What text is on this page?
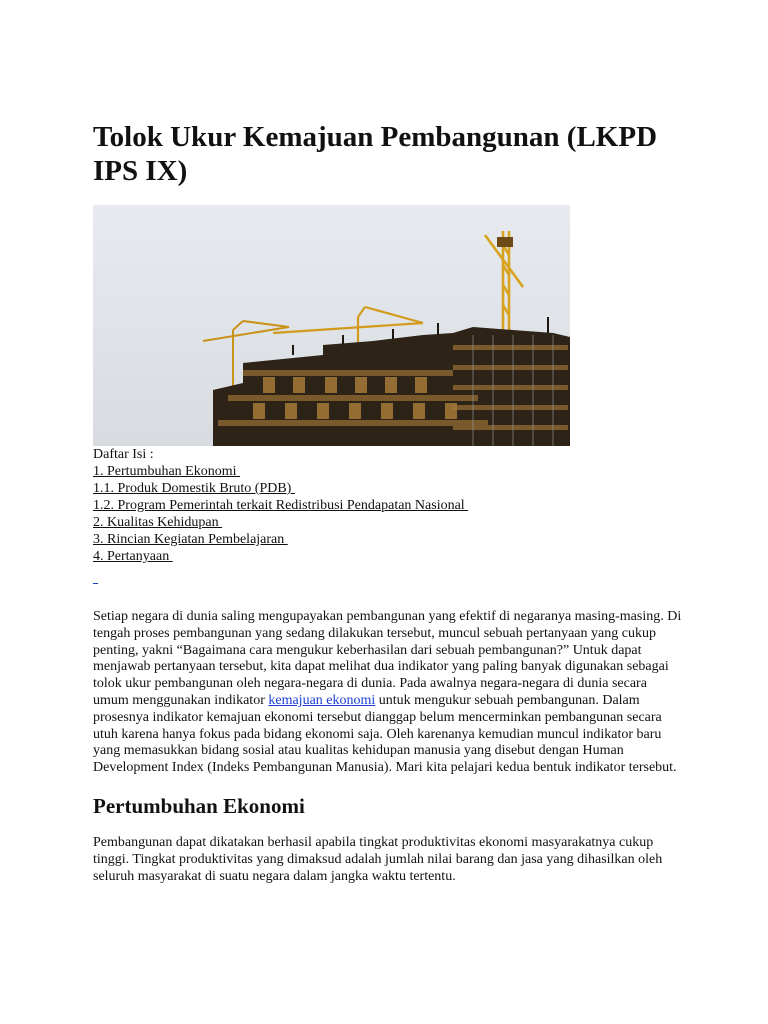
Tolok Ukur Kemajuan Pembangunan (LKPD IPS IX)
Daftar Isi :
1. Pertumbuhan Ekonomi
1.1. Produk Domestik Bruto (PDB)
1.2. Program Pemerintah terkait Redistribusi Pendapatan Nasional
2. Kualitas Kehidupan
3. Rincian Kegiatan Pembelajaran
4. Pertanyaan

Setiap negara di dunia saling mengupayakan pembangunan yang efektif di negaranya masing-masing. Di tengah proses pembangunan yang sedang dilakukan tersebut, muncul sebuah pertanyaan yang cukup penting, yakni “Bagaimana cara mengukur keberhasilan dari sebuah pembangunan?” Untuk dapat menjawab pertanyaan tersebut, kita dapat melihat dua indikator yang paling banyak digunakan sebagai tolok ukur pembangunan oleh negara-negara di dunia. Pada awalnya negara-negara di dunia secara umum menggunakan indikator kemajuan ekonomi untuk mengukur sebuah pembangunan. Dalam prosesnya indikator kemajuan ekonomi tersebut dianggap belum mencerminkan pembangunan secara utuh karena hanya fokus pada bidang ekonomi saja. Oleh karenanya kemudian muncul indikator baru yang memasukkan bidang sosial atau kualitas kehidupan manusia yang disebut dengan Human Development Index (Indeks Pembangunan Manusia). Mari kita pelajari kedua bentuk indikator tersebut.

Pertumbuhan Ekonomi

Pembangunan dapat dikatakan berhasil apabila tingkat produktivitas ekonomi masyarakatnya cukup tinggi. Tingkat produktivitas yang dimaksud adalah jumlah nilai barang dan jasa yang dihasilkan oleh seluruh masyarakat di suatu negara dalam jangka waktu tertentu.
